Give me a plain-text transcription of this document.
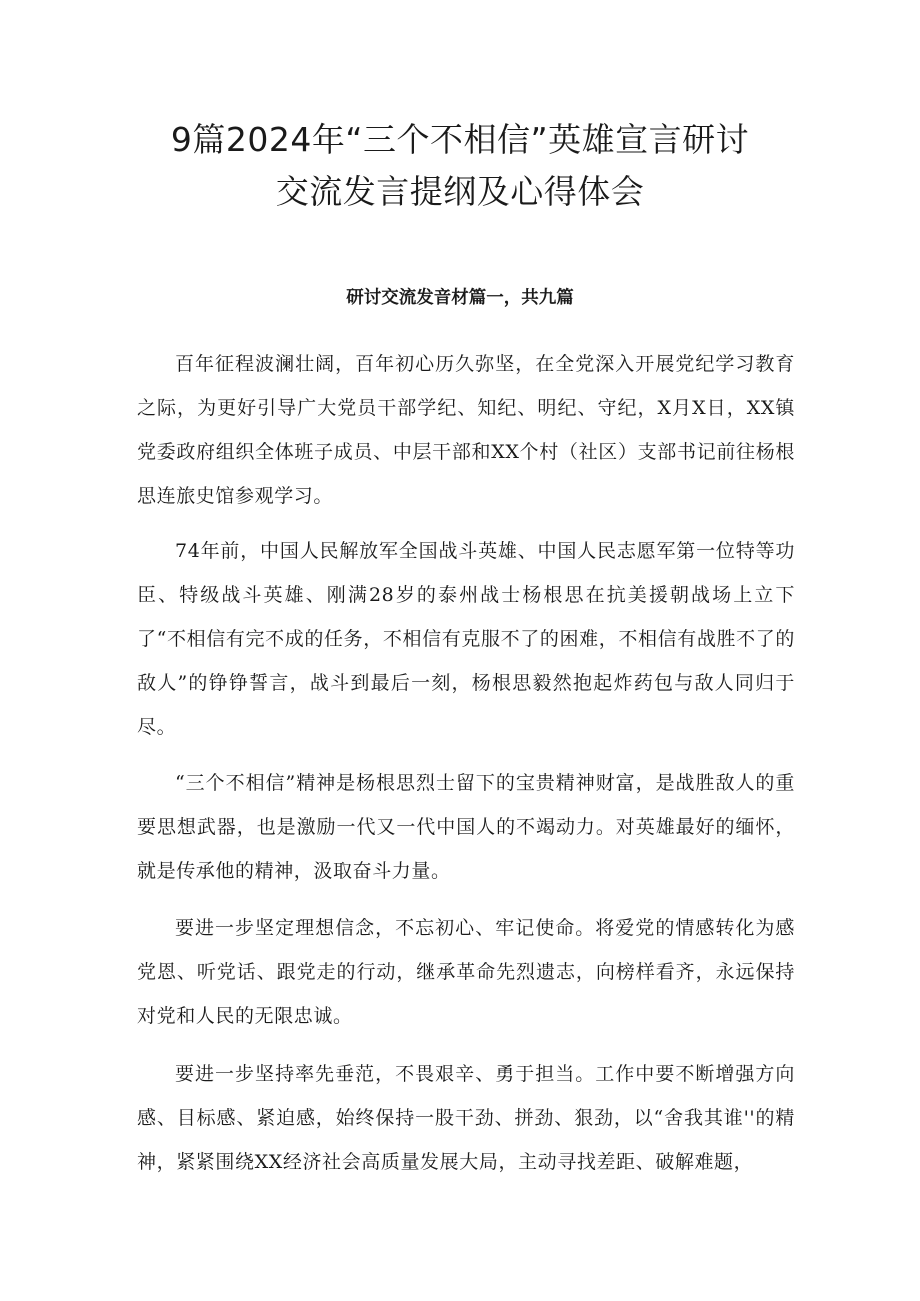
9篇2024年“三个不相信”英雄宣言研讨
交流发言提纲及心得体会
研讨交流发音材篇一，共九篇

百年征程波澜壮阔，百年初心历久弥坚，在全党深入开展党纪学习教育之际，为更好引导广大党员干部学纪、知纪、明纪、守纪，X月X日，XX镇党委政府组织全体班子成员、中层干部和XX个村（社区）支部书记前往杨根思连旅史馆参观学习。

74年前，中国人民解放军全国战斗英雄、中国人民志愿军第一位特等功臣、特级战斗英雄、刚满28岁的泰州战士杨根思在抗美援朝战场上立下了“不相信有完不成的任务，不相信有克服不了的困难，不相信有战胜不了的敌人”的铮铮誓言，战斗到最后一刻，杨根思毅然抱起炸药包与敌人同归于尽。

“三个不相信”精神是杨根思烈士留下的宝贵精神财富，是战胜敌人的重要思想武器，也是激励一代又一代中国人的不竭动力。对英雄最好的缅怀，就是传承他的精神，汲取奋斗力量。

要进一步坚定理想信念，不忘初心、牢记使命。将爱党的情感转化为感党恩、听党话、跟党走的行动，继承革命先烈遗志，向榜样看齐，永远保持对党和人民的无限忠诚。

要进一步坚持率先垂范，不畏艰辛、勇于担当。工作中要不断增强方向感、目标感、紧迫感，始终保持一股干劲、拼劲、狠劲，以“舍我其谁''的精神，紧紧围绕XX经济社会高质量发展大局，主动寻找差距、破解难题，
